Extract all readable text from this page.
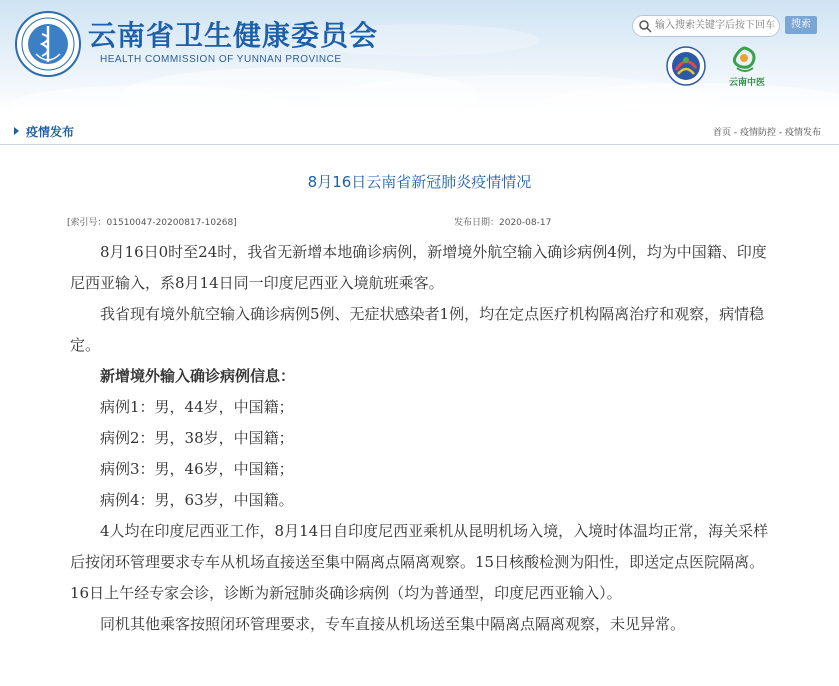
云南省卫生健康委员会
HEALTH COMMISSION OF YUNNAN PROVINCE
输入搜索关键字后按下回车
搜索
云南中医
疫情发布	首页 - 疫情防控 - 疫情发布
8月16日云南省新冠肺炎疫情情况
[索引号：01510047-20200817-10268]	发布日期：2020-08-17

8月16日0时至24时，我省无新增本地确诊病例，新增境外航空输入确诊病例4例，均为中国籍、印度尼西亚输入，系8月14日同一印度尼西亚入境航班乘客。

我省现有境外航空输入确诊病例5例、无症状感染者1例，均在定点医疗机构隔离治疗和观察，病情稳定。

新增境外输入确诊病例信息：

病例1：男，44岁，中国籍；

病例2：男，38岁，中国籍；

病例3：男，46岁，中国籍；

病例4：男，63岁，中国籍。

4人均在印度尼西亚工作，8月14日自印度尼西亚乘机从昆明机场入境，入境时体温均正常，海关采样后按闭环管理要求专车从机场直接送至集中隔离点隔离观察。15日核酸检测为阳性，即送定点医院隔离。16日上午经专家会诊，诊断为新冠肺炎确诊病例（均为普通型，印度尼西亚输入）。

同机其他乘客按照闭环管理要求，专车直接从机场送至集中隔离点隔离观察，未见异常。
